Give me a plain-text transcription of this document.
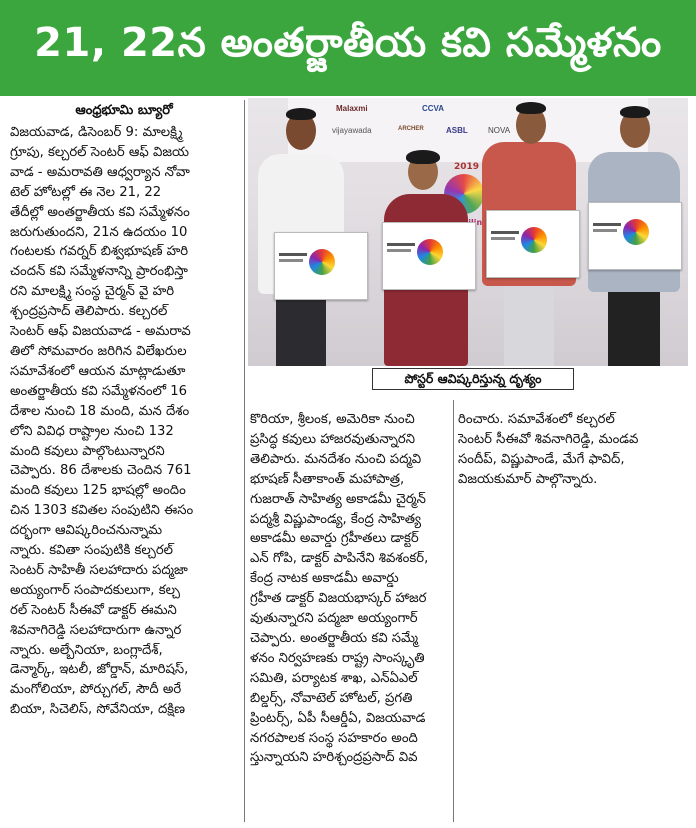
21, 22న అంతర్జాతీయ కవి సమ్మేళనం
ఆంధ్రభూమి బ్యూరో
విజయవాడ, డిసెంబర్ 9: మాలక్ష్మి
గ్రూపు, కల్చరల్ సెంటర్ ఆఫ్ విజయ
వాడ - అమరావతి ఆధ్వర్యాన నోవా
టెల్ హోటల్లో ఈ నెల 21, 22
తేదీల్లో అంతర్జాతీయ కవి సమ్మేళనం
జరుగుతుందని, 21న ఉదయం 10
గంటలకు గవర్నర్ బిశ్వభూషణ్ హరి
చందన్ కవి సమ్మేళనాన్ని ప్రారంభిస్తా
రని మాలక్ష్మి సంస్థ చైర్మన్ వై హరి
శ్చంద్రప్రసాద్ తెలిపారు. కల్చరల్
సెంటర్ ఆఫ్ విజయవాడ - అమరావ
తిలో సోమవారం జరిగిన విలేఖరుల
సమావేశంలో ఆయన మాట్లాడుతూ
అంతర్జాతీయ కవి సమ్మేళనంలో 16
దేశాల నుంచి 18 మంది, మన దేశం
లోని వివిధ రాష్ట్రాల నుంచి 132
మంది కవులు పాల్గొంటున్నారని
చెప్పారు. 86 దేశాలకు చెందిన 761
మంది కవులు 125 భాషల్లో అందిం
చిన 1303 కవితల సంపుటిని ఈసం
దర్భంగా ఆవిష్కరించనున్నామ
న్నారు. కవితా సంపుటికి కల్చరల్
సెంటర్ సాహితీ సలహాదారు పద్మజా
అయ్యంగార్ సంపాదకులుగా, కల్చ
రల్ సెంటర్ సీఈవో డాక్టర్ ఈమని
శివనాగిరెడ్డి సలహాదారుగా ఉన్నార
న్నారు. అల్బేనియా, బంగ్లాదేశ్,
డెన్మార్క్, ఇటలీ, జోర్డాన్, మారిషస్,
మంగోలియా, పోర్చుగల్, సౌదీ అరే
బియా, సిచెలిస్, సోవేనియా, దక్షిణ
కొరియా, శ్రీలంక, అమెరికా నుంచి
ప్రసిద్ధ కవులు హాజరవుతున్నారని
తెలిపారు. మనదేశం నుంచి పద్మవి
భూషణ్ సీతాకాంత్ మహాపాత్ర,
గుజరాత్ సాహిత్య అకాడమీ చైర్మన్
పద్మశ్రీ విష్ణుపాండ్య, కేంద్ర సాహిత్య
అకాడమీ అవార్డు గ్రహీతలు డాక్టర్
ఎన్ గోపి, డాక్టర్ పాపినేని శివశంకర్,
కేంద్ర నాటక అకాడమీ అవార్డు
గ్రహీత డాక్టర్ విజయభాస్కర్ హాజర
వుతున్నారని పద్మజా అయ్యంగార్
చెప్పారు. అంతర్జాతీయ కవి సమ్మే
ళనం నిర్వహణకు రాష్ట్ర సాంస్కృతి
సమితి, పర్యాటక శాఖ, ఎన్ఏఎల్
బిల్డర్స్, నోవాటెల్ హోటల్, ప్రగతి
ప్రింటర్స్, ఏపీ సీఆర్డీఏ, విజయవాడ
నగరపాలక సంస్థ సహకారం అంది
స్తున్నాయని హరిశ్చంద్రప్రసాద్ వివ
రించారు. సమావేశంలో కల్చరల్
సెంటర్ సీఈవో శివనాగిరెడ్డి, మండవ
సందీప్, విష్ణుపాండే, మేగే ఫావిద్,
విజయకుమార్ పాల్గొన్నారు.
Malaxmi	CCVA
vijayawada	ASBL	NOVA
ARCHER
2019
పోస్టర్ ఆవిష్కరిస్తున్న దృశ్యం
